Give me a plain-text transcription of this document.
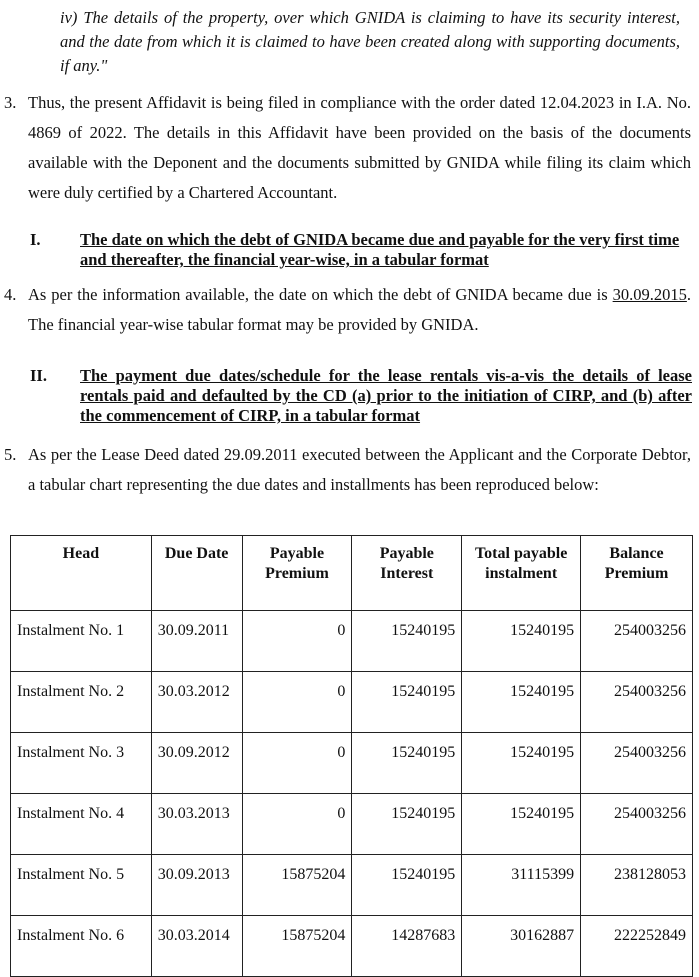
iv) The details of the property, over which GNIDA is claiming to have its security interest, and the date from which it is claimed to have been created along with supporting documents, if any."
3. Thus, the present Affidavit is being filed in compliance with the order dated 12.04.2023 in I.A. No. 4869 of 2022. The details in this Affidavit have been provided on the basis of the documents available with the Deponent and the documents submitted by GNIDA while filing its claim which were duly certified by a Chartered Accountant.
I. The date on which the debt of GNIDA became due and payable for the very first time and thereafter, the financial year-wise, in a tabular format
4. As per the information available, the date on which the debt of GNIDA became due is 30.09.2015. The financial year-wise tabular format may be provided by GNIDA.
II. The payment due dates/schedule for the lease rentals vis-a-vis the details of lease rentals paid and defaulted by the CD (a) prior to the initiation of CIRP, and (b) after the commencement of CIRP, in a tabular format
5. As per the Lease Deed dated 29.09.2011 executed between the Applicant and the Corporate Debtor, a tabular chart representing the due dates and installments has been reproduced below:
Head	Due Date	Payable Premium	Payable Interest	Total payable instalment	Balance Premium
Instalment No. 1	30.09.2011	0	15240195	15240195	254003256
Instalment No. 2	30.03.2012	0	15240195	15240195	254003256
Instalment No. 3	30.09.2012	0	15240195	15240195	254003256
Instalment No. 4	30.03.2013	0	15240195	15240195	254003256
Instalment No. 5	30.09.2013	15875204	15240195	31115399	238128053
Instalment No. 6	30.03.2014	15875204	14287683	30162887	222252849
